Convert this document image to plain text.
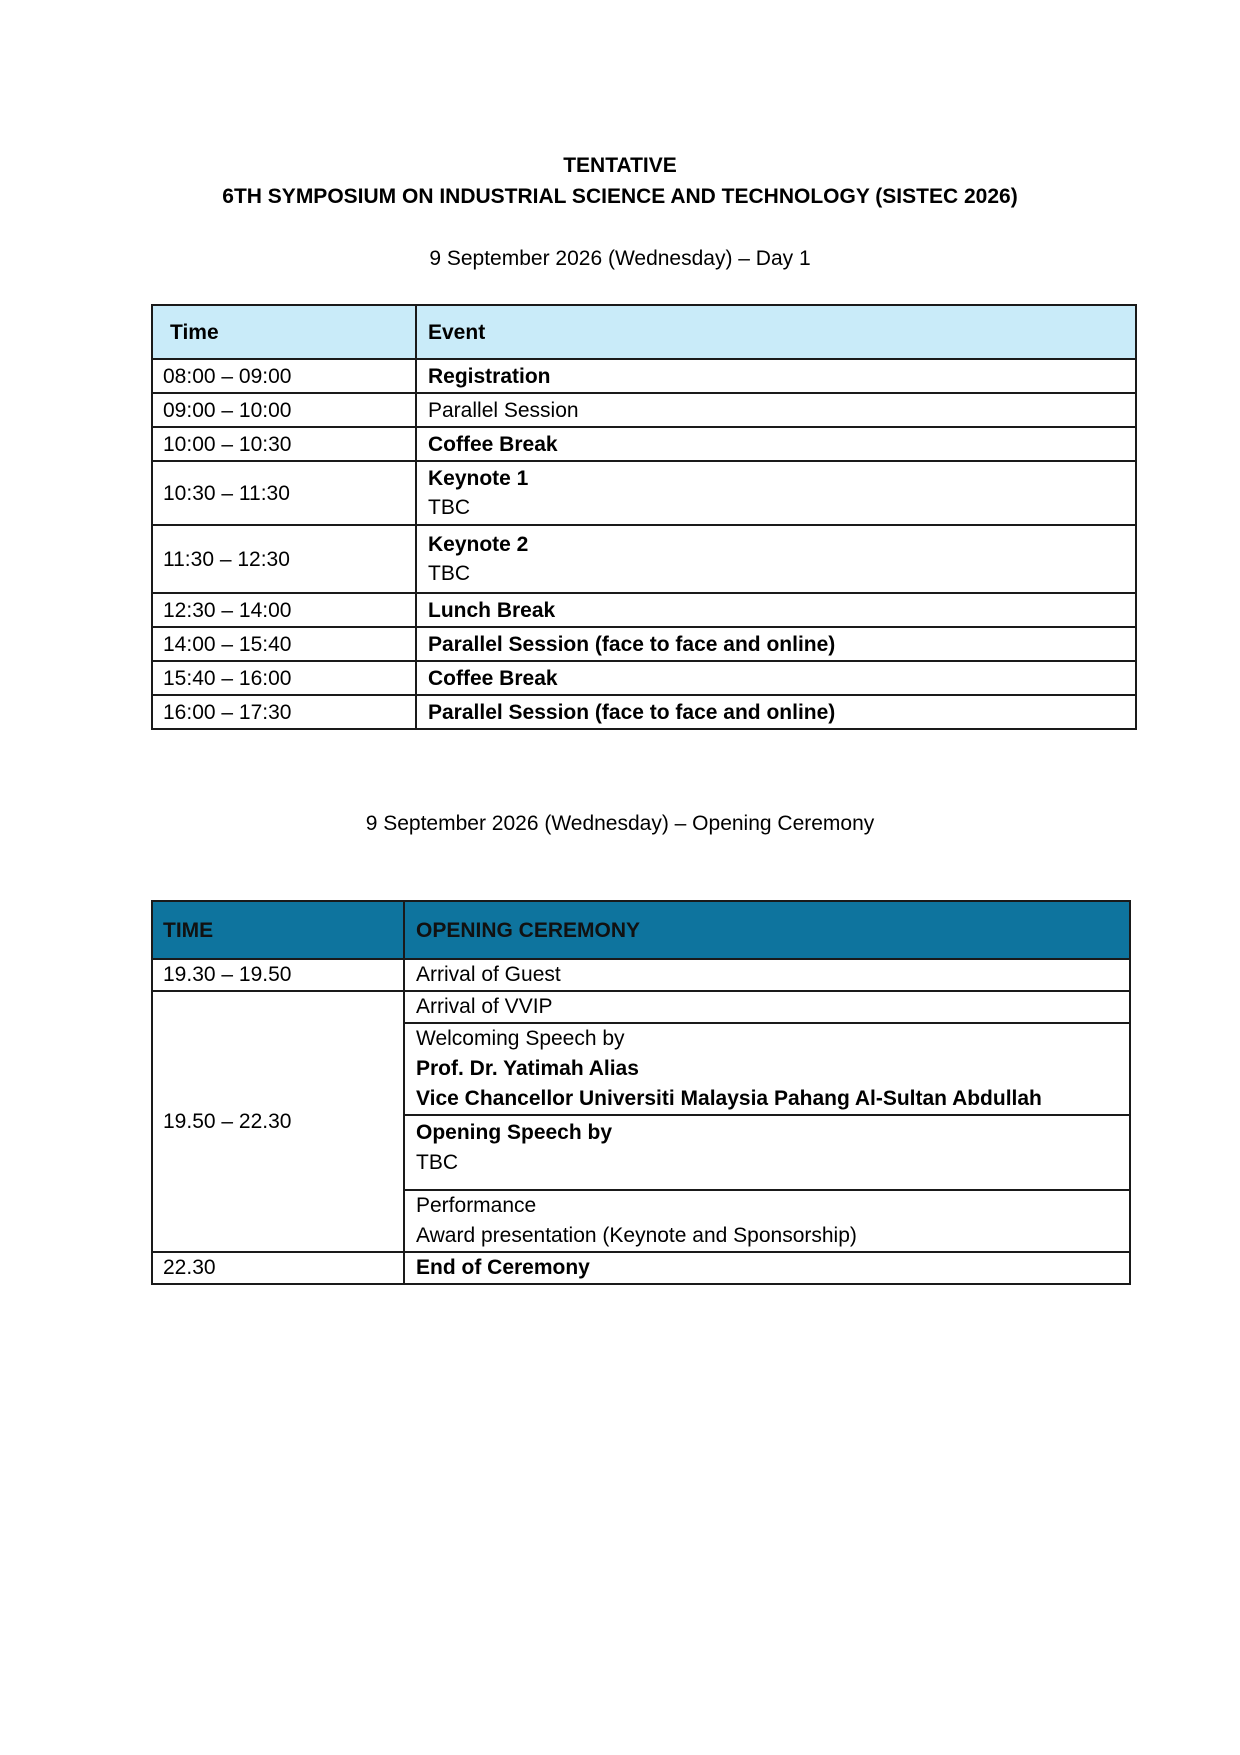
TENTATIVE
6TH SYMPOSIUM ON INDUSTRIAL SCIENCE AND TECHNOLOGY (SISTEC 2026)
9 September 2026 (Wednesday) – Day 1
Time	Event
08:00 – 09:00	Registration
09:00 – 10:00	Parallel Session
10:00 – 10:30	Coffee Break
10:30 – 11:30	Keynote 1
TBC

11:30 – 12:30	Keynote 2
TBC

12:30 – 14:00	Lunch Break
14:00 – 15:40	Parallel Session (face to face and online)
15:40 – 16:00	Coffee Break
16:00 – 17:30	Parallel Session (face to face and online)
9 September 2026 (Wednesday) – Opening Ceremony
TIME	OPENING CEREMONY
19.30 – 19.50	Arrival of Guest
19.50 – 22.30	Arrival of VVIP

	Welcoming Speech by
Prof. Dr. Yatimah Alias
Vice Chancellor Universiti Malaysia Pahang Al-Sultan Abdullah

	Opening Speech by
TBC

	Performance
Award presentation (Keynote and Sponsorship)

22.30	End of Ceremony
